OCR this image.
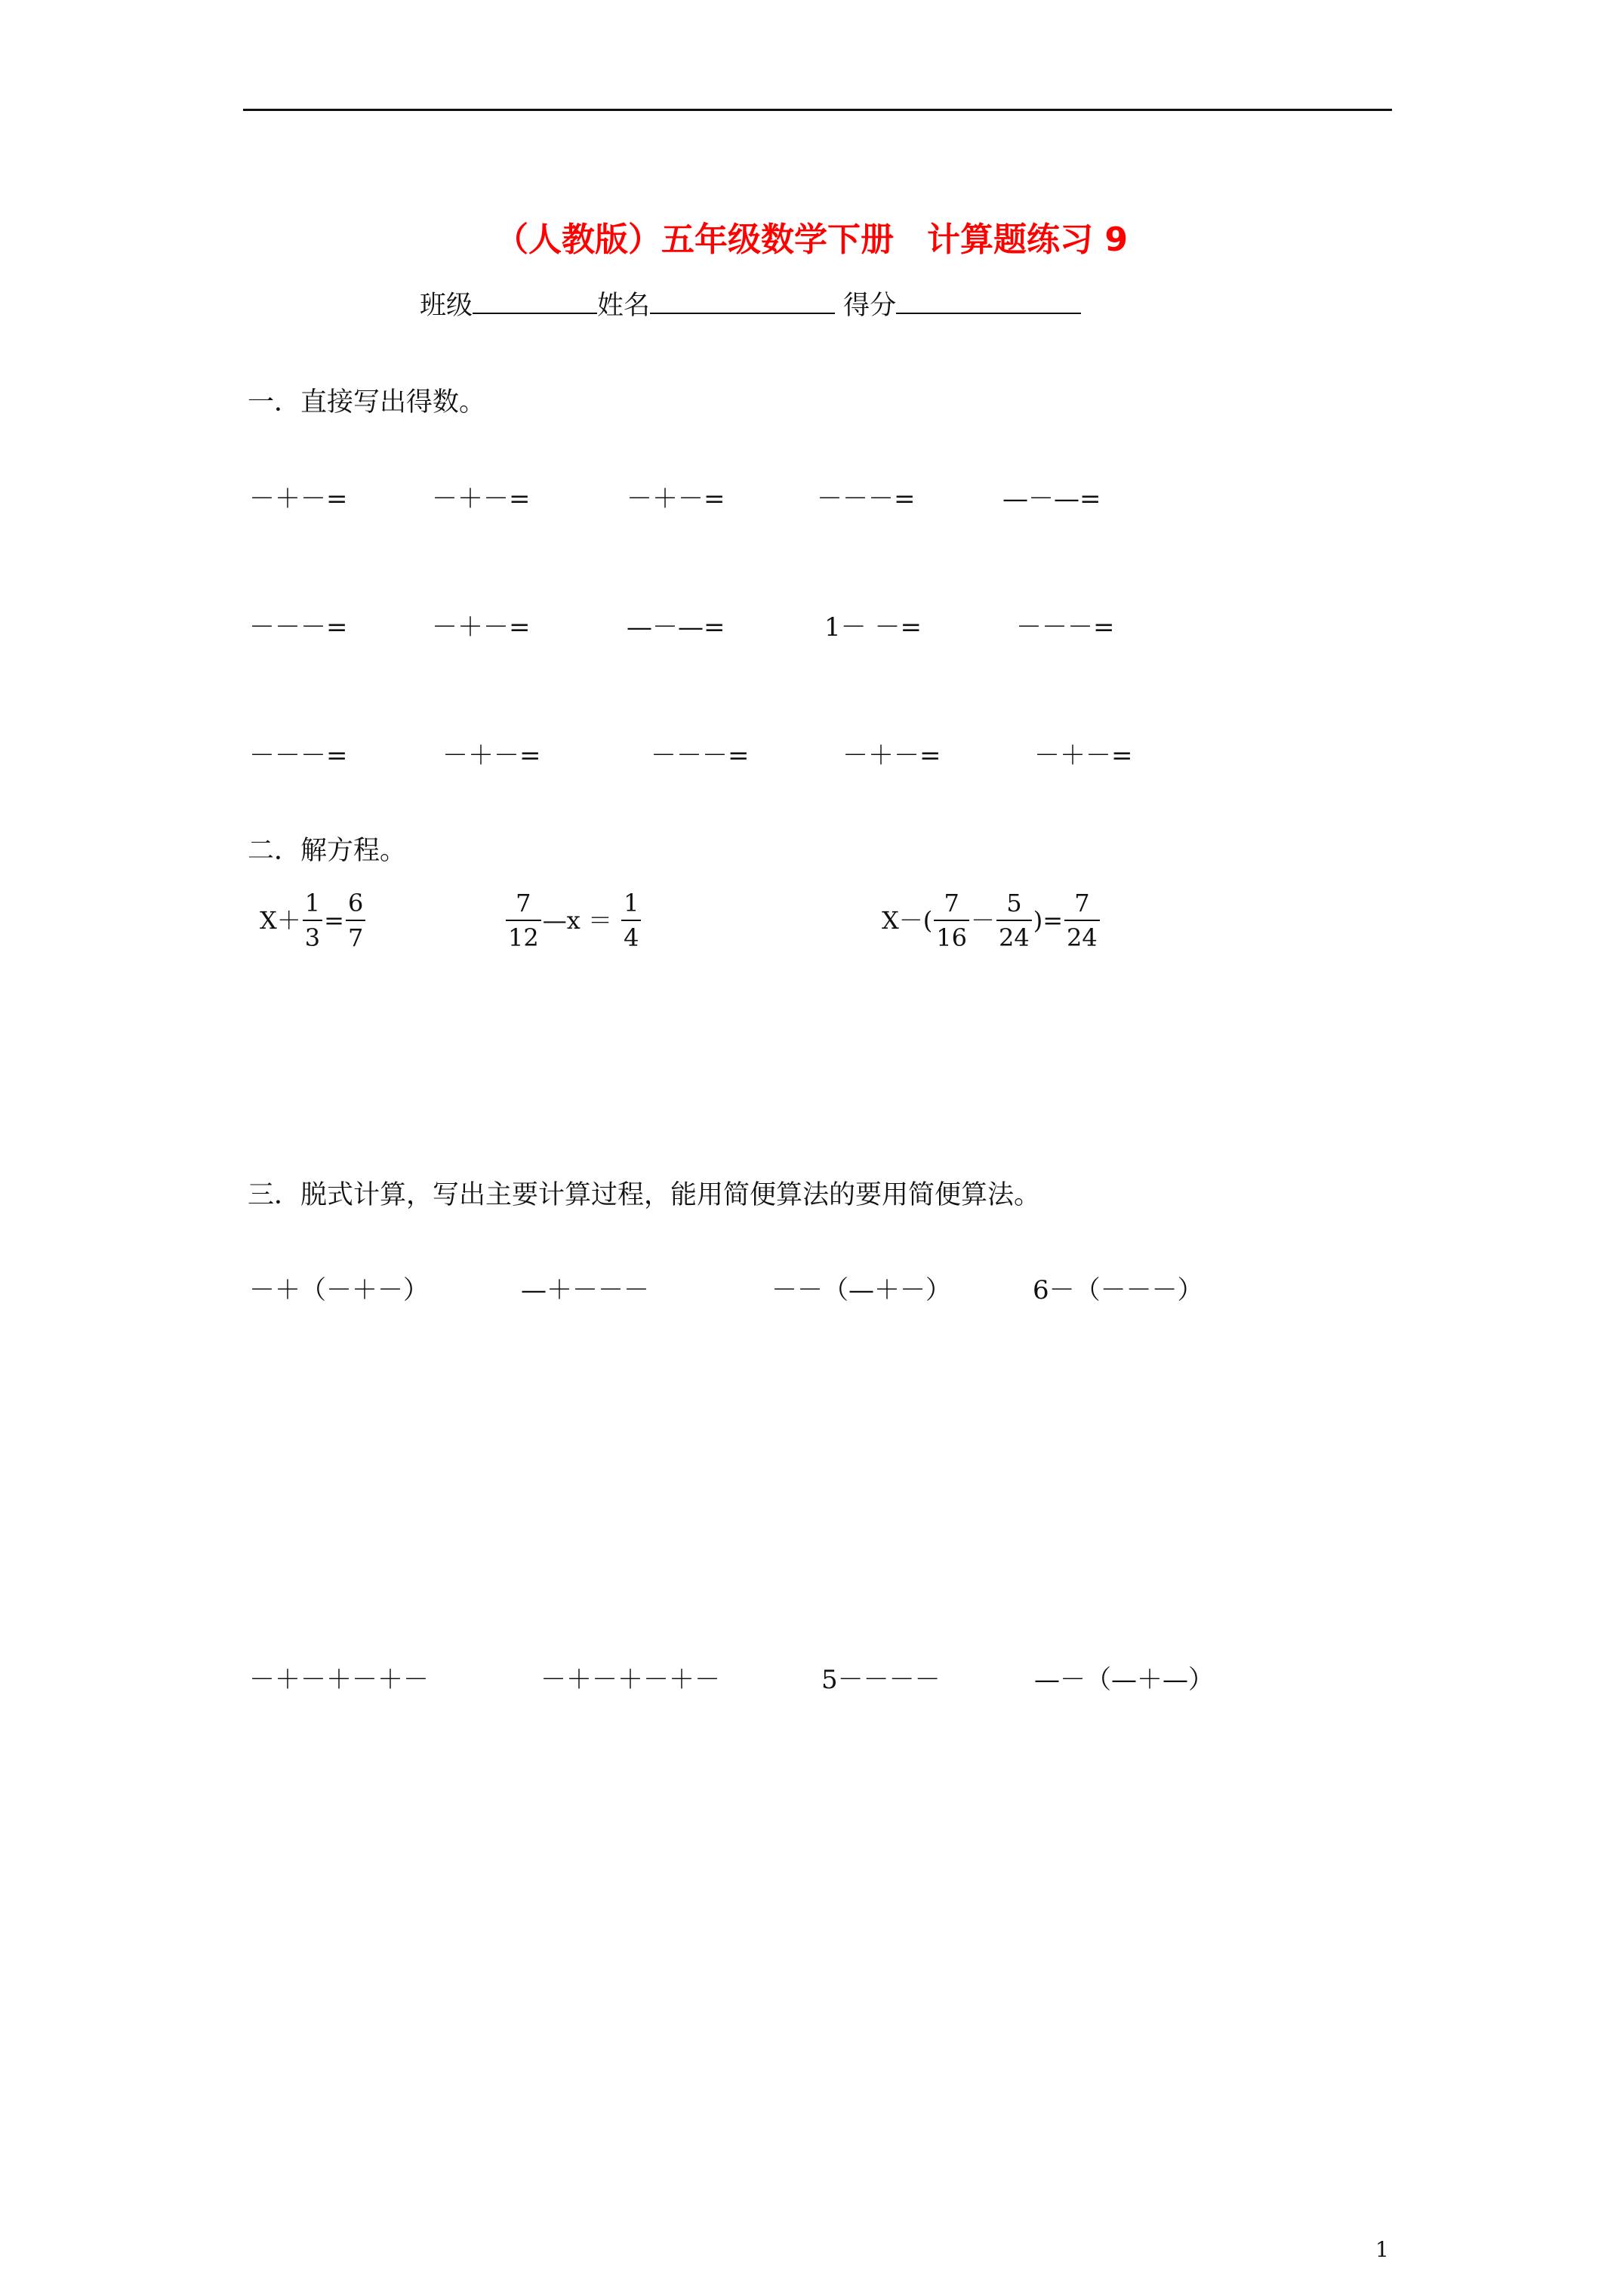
（人教版）五年级数学下册　计算题练习 9
班级	姓名	得分
一．直接写出得数。
－＋－=	－＋－=	－＋－=	－－－=	—－—=
－－－=	－＋－=	—－—=	1－ －=	－－－=
－－－=	－＋－=	－－－=	－＋－=	－＋－=
二．解方程。
$X+ \frac{1}{3} = \frac{6}{7}$	$\frac{7}{12}$ —x ＝ $\frac{1}{4}$	$X-( \frac{7}{16} - \frac{5}{24}$ )= $\frac{7}{24}$
三．脱式计算，写出主要计算过程，能用简便算法的要用简便算法。
－＋（－＋－）	—＋－－－	－－（—＋－）	6－（－－－）
－＋－＋－＋－	－＋－＋－＋－	5－－－－	—－（—＋—）
1
